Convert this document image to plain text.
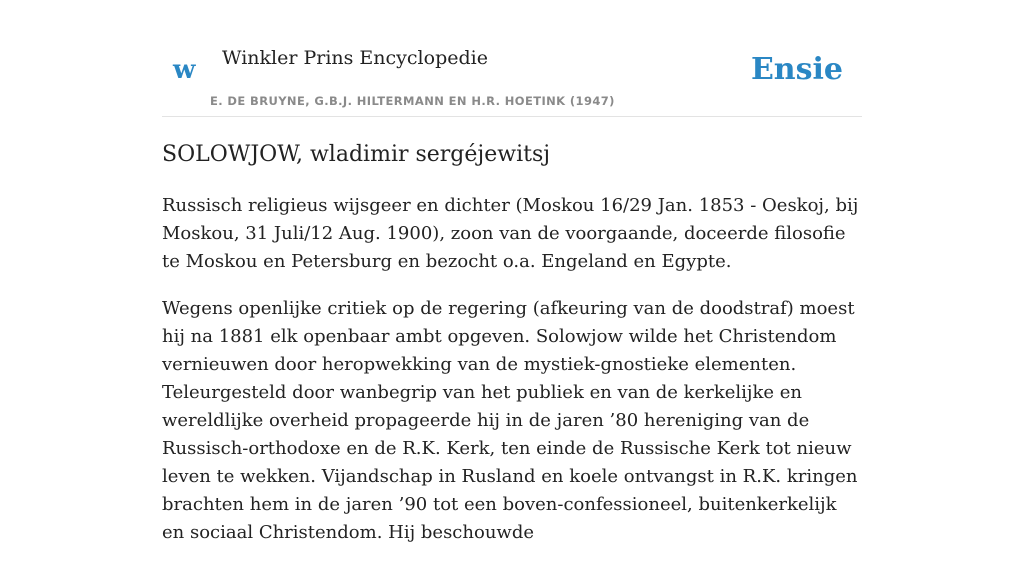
w Winkler Prins Encyclopedie
E. DE BRUYNE, G.B.J. HILTERMANN EN H.R. HOETINK (1947)
Ensie
SOLOWJOW, wladimir sergéjewitsj

Russisch religieus wijsgeer en dichter (Moskou 16/29 Jan. 1853 - Oeskoj, bij Moskou, 31 Juli/12 Aug. 1900), zoon van de voorgaande, doceerde filosofie te Moskou en Petersburg en bezocht o.a. Engeland en Egypte.

Wegens openlijke critiek op de regering (afkeuring van de doodstraf) moest hij na 1881 elk openbaar ambt opgeven. Solowjow wilde het Christendom vernieuwen door heropwekking van de mystiek-gnostieke elementen. Teleurgesteld door wanbegrip van het publiek en van de kerkelijke en wereldlijke overheid propageerde hij in de jaren ’80 hereniging van de Russisch-orthodoxe en de R.K. Kerk, ten einde de Russische Kerk tot nieuw leven te wekken. Vijandschap in Rusland en koele ontvangst in R.K. kringen brachten hem in de jaren ’90 tot een boven-confessioneel, buitenkerkelijk en sociaal Christendom. Hij beschouwde
